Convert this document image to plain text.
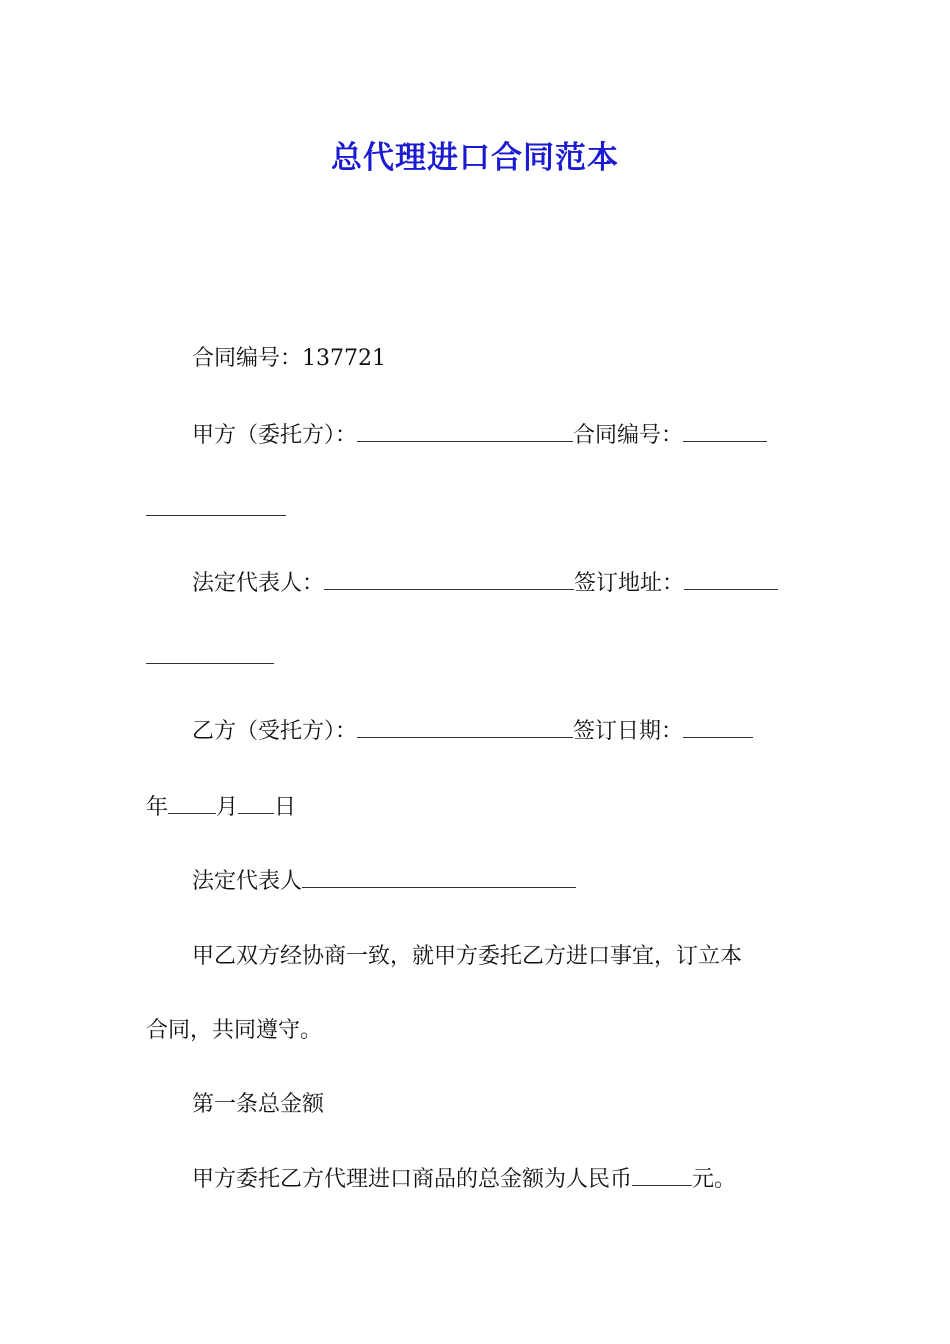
总代理进口合同范本

合同编号：137721

甲方（委托方）：	合同编号：

法定代表人：	签订地址：

乙方（受托方）：	签订日期：

年 月 日

法定代表人

甲乙双方经协商一致，就甲方委托乙方进口事宜，订立本

合同，共同遵守。

第一条总金额

甲方委托乙方代理进口商品的总金额为人民币	元。
